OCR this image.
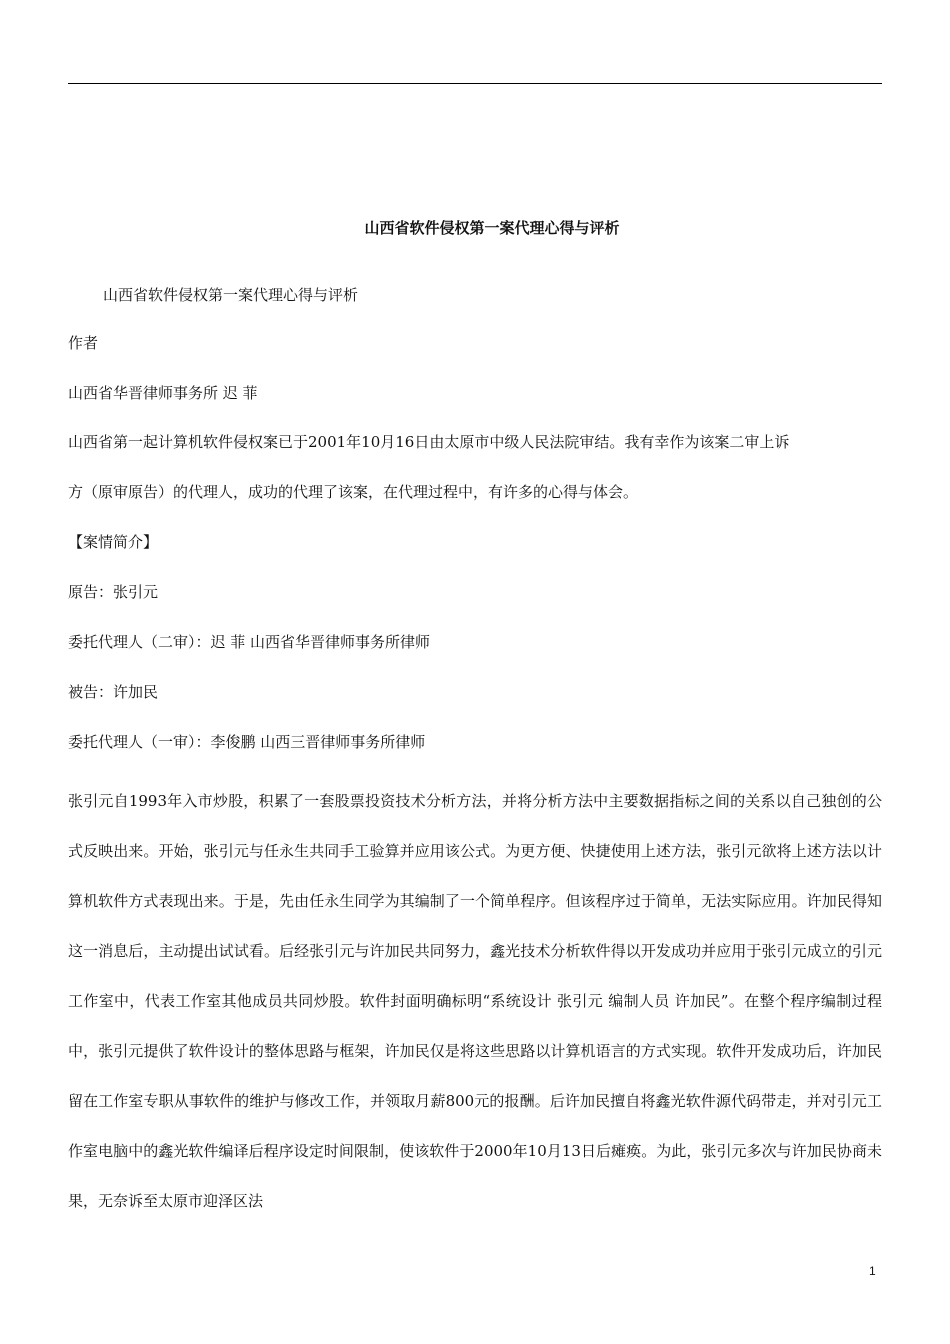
山西省软件侵权第一案代理心得与评析
山西省软件侵权第一案代理心得与评析
作者
山西省华晋律师事务所 迟 菲
山西省第一起计算机软件侵权案已于2001年10月16日由太原市中级人民法院审结。我有幸作为该案二审上诉
方（原审原告）的代理人，成功的代理了该案，在代理过程中，有许多的心得与体会。
【案情简介】
原告：张引元
委托代理人（二审）：迟 菲 山西省华晋律师事务所律师
被告：许加民
委托代理人（一审）：李俊鹏 山西三晋律师事务所律师
张引元自1993年入市炒股，积累了一套股票投资技术分析方法，并将分析方法中主要数据指标之间的关系以自己独创的公式反映出来。开始，张引元与任永生共同手工验算并应用该公式。为更方便、快捷使用上述方法，张引元欲将上述方法以计算机软件方式表现出来。于是，先由任永生同学为其编制了一个简单程序。但该程序过于简单，无法实际应用。许加民得知这一消息后，主动提出试试看。后经张引元与许加民共同努力，鑫光技术分析软件得以开发成功并应用于张引元成立的引元工作室中，代表工作室其他成员共同炒股。软件封面明确标明“系统设计 张引元 编制人员 许加民”。在整个程序编制过程中，张引元提供了软件设计的整体思路与框架，许加民仅是将这些思路以计算机语言的方式实现。软件开发成功后，许加民留在工作室专职从事软件的维护与修改工作，并领取月薪800元的报酬。后许加民擅自将鑫光软件源代码带走，并对引元工作室电脑中的鑫光软件编译后程序设定时间限制，使该软件于2000年10月13日后瘫痪。为此，张引元多次与许加民协商未果，无奈诉至太原市迎泽区法
1
